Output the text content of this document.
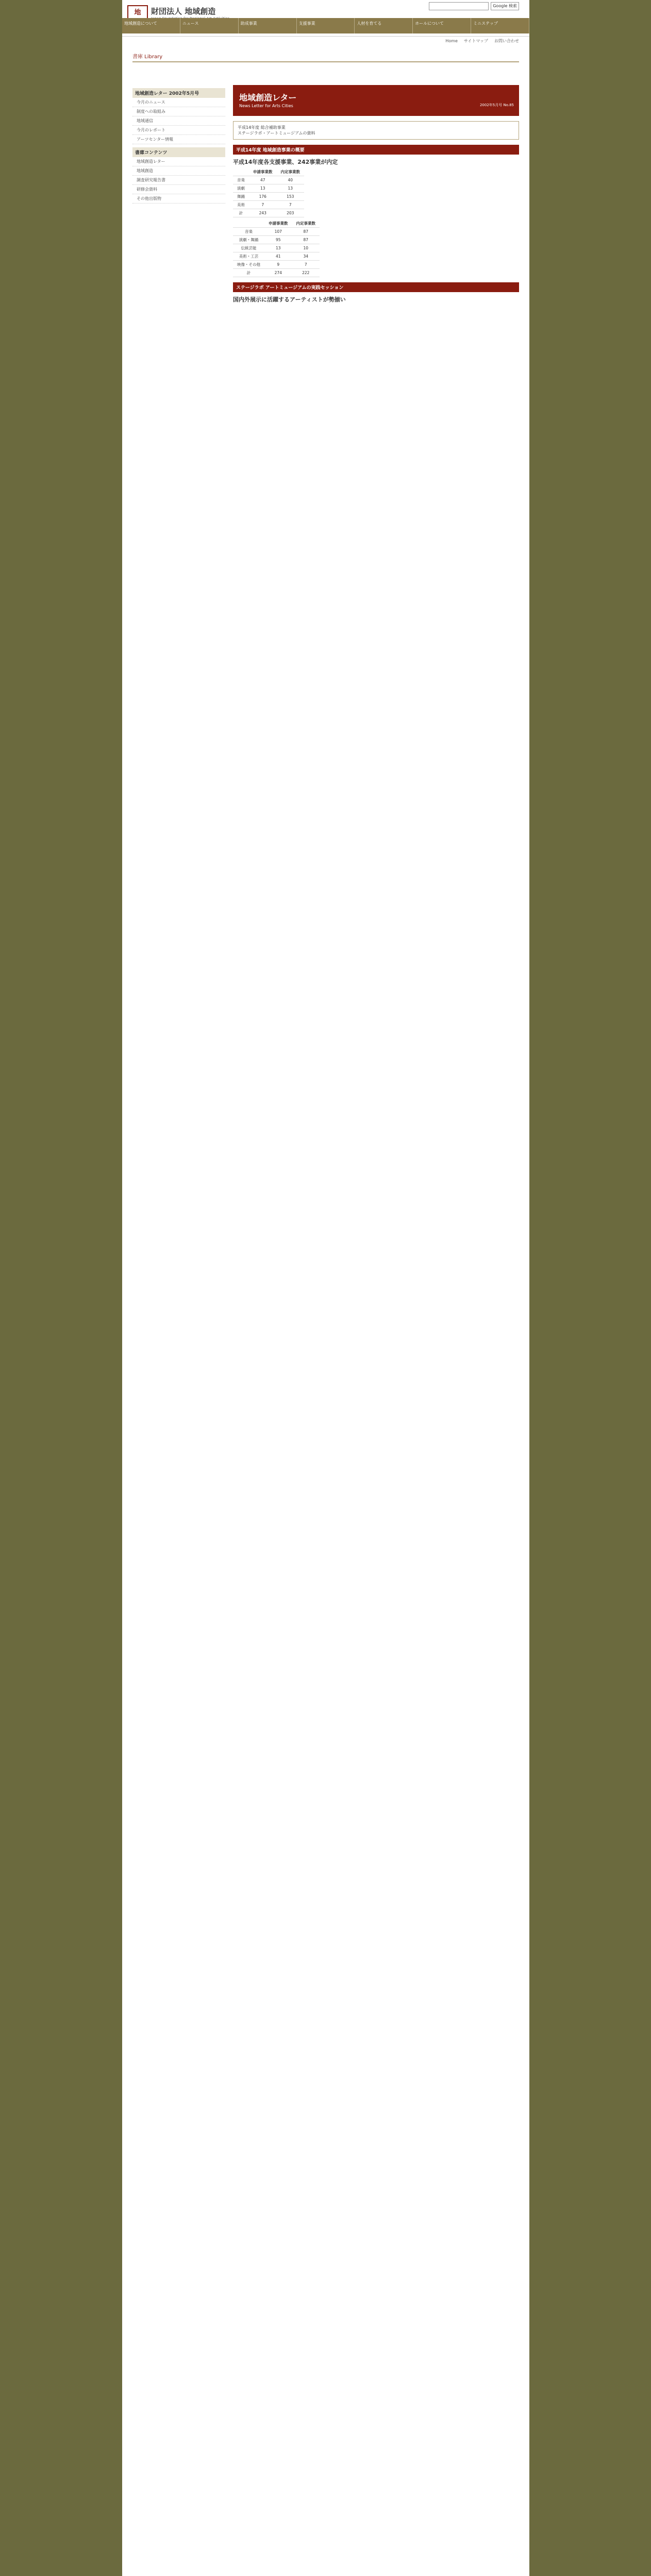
地	財団法人 地域創造
Google 検索
地域創造について	ニュース	助成事業	支援事業	人材を育てる	ホールについて	ミニステップ
Home サイトマップ お問い合わせ
書庫 Library
地域創造レター 2002年5月号
今月のニュース
制度への取組み
地域通信
今月のレポート
アーツセンター情報
書庫コンテンツ
地域創造レター
地域創造
調査研究報告書
研修会資料
その他出版物
地域創造レター
News Letter for Arts Cities	2002年5月号 No.85
平成14年度 総合補助事業
ステージラボ・アートミュージアムの資料
平成14年度 地域創造事業の概要
平成14年度各支援事業、242事業が内定
	申請事業数	内定事業数
音楽	47	40
演劇	13	13
舞踊	176	153
美術	7	7
計	243	203
	申請事業数	内定事業数
音楽	107	87
演劇・舞踊	95	87
伝統芸能	13	10
美術・工芸	41	34
映像・その他	9	7
計	274	222
ステージラボ アートミュージアムの実践セッション
国内外展示に活躍するアーティストが勢揃い
